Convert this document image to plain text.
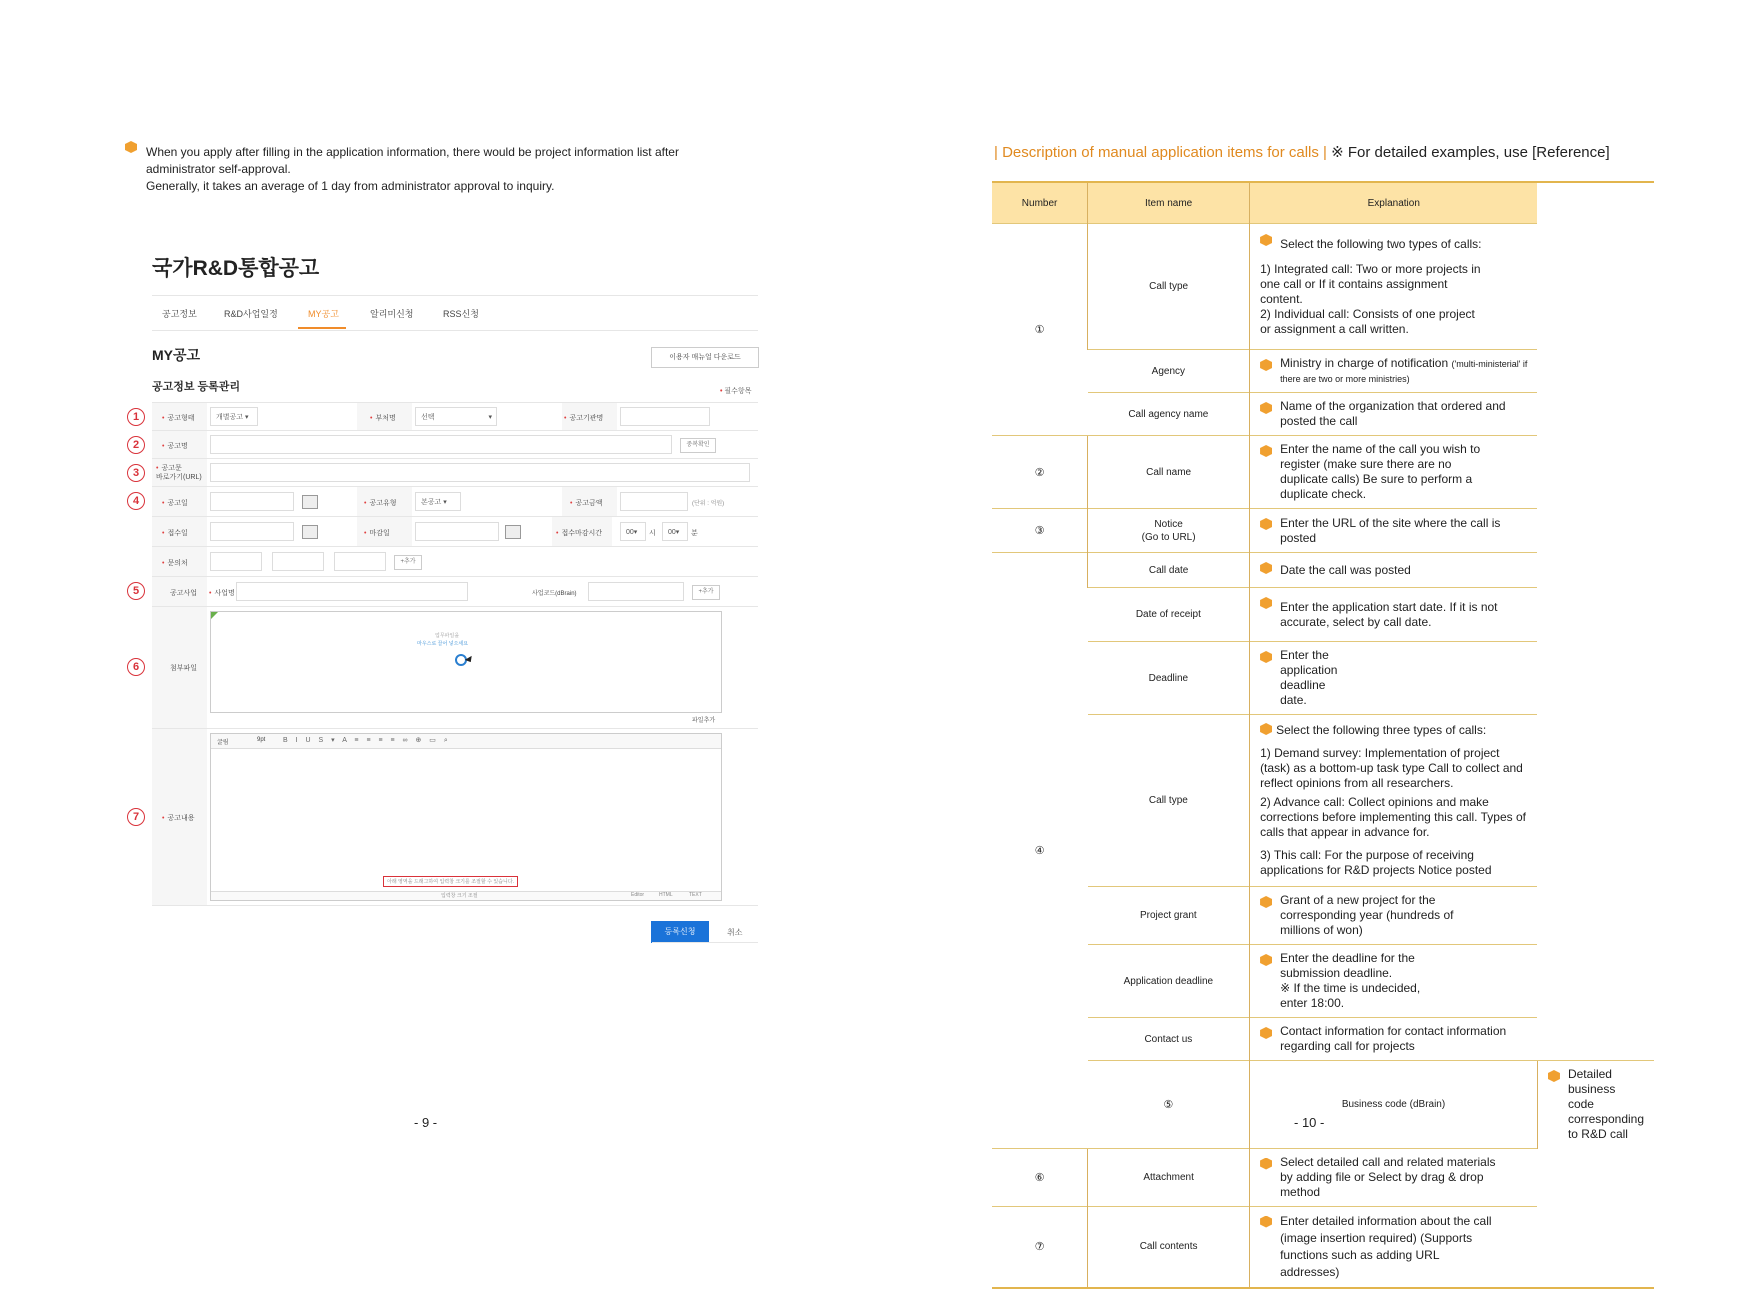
When you apply after filling in the application information, there would be project information list after
administrator self-approval.
Generally, it takes an average of 1 day from administrator approval to inquiry.
국가R&D통합공고
공고정보	R&D사업일정	MY공고	알리미신청	RSS신청
MY공고	이용자 매뉴얼 다운로드
공고정보 등록관리	• 필수항목
1	• 공고형태	개별공고 ▾	• 부처명	선택	▾	• 공고기관명
2	• 공고명	중복확인
3	• 공고문
바로가기(URL)
4	• 공고일	• 공고유형	본공고 ▾	• 공고금액	(단위 : 억원)
• 접수일	• 마감일	• 접수마감시간	00▾	시	00▾	분
• 문의처	+추가
5	공고사업 • 사업명	사업코드(dBrain)	+추가
6	첨부파일
업무파일을
마우스로 끌어 넣으세요
파일추가
7	• 공고내용
굴림	9pt	B I U S ▾ A ≡ ≡ ≡ ≡ ∞ ⊕ ▭ ⌕
아래 영역을 드래그하여 입력창 크기를 조절할 수 있습니다.
입력창 크기 조절	Editor	HTML	TEXT
등록신청	취소
- 9 -
| Description of manual application items for calls | ※ For detailed examples, use [Reference]
Number	Item name	Explanation	
①	Call type	Select the following two types of calls:
1) Integrated call: Two or more projects in one call or If it contains assignment content.
2) Individual call: Consists of one project or assignment a call written.	

	Agency	Ministry in charge of notification ('multi-ministerial' if there are two or more ministries)	
	Call agency name	Name of the organization that ordered and posted the call	
②	Call name	Enter the name of the call you wish to register (make sure there are no duplicate calls) Be sure to perform a duplicate check.	
③	Notice
(Go to URL)	Enter the URL of the site where the call is posted	
④	Call date	Date the call was posted	
	Date of receipt	Enter the application start date. If it is not accurate, select by call date.	
	Deadline	Enter the application deadline date.	
	Call type	Select the following three types of calls:
1) Demand survey: Implementation of project (task) as a bottom-up task type Call to collect and reflect opinions from all researchers.
2) Advance call: Collect opinions and make corrections before implementing this call. Types of calls that appear in advance for.
3) This call: For the purpose of receiving applications for R&D projects Notice posted	

	Project grant	Grant of a new project for the corresponding year (hundreds of millions of won)	
	Application deadline	Enter the deadline for the submission deadline.
※ If the time is undecided, enter 18:00.	

	Contact us	Contact information for contact information regarding call for projects	
	⑤	Business code (dBrain)	Detailed business code corresponding to R&D call
⑥	Attachment	Select detailed call and related materials by adding file or Select by drag & drop method	
⑦	Call contents	Enter detailed information about the call (image insertion required) (Supports functions such as adding URL addresses)	
- 10 -
